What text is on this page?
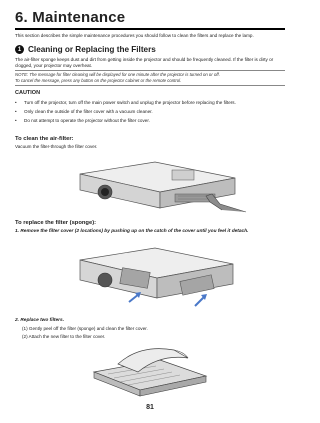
6. Maintenance
This section describes the simple maintenance procedures you should follow to clean the filters and replace the lamp.
1 Cleaning or Replacing the Filters
The air-filter sponge keeps dust and dirt from getting inside the projector and should be frequently cleaned. If the filter is dirty or clogged, your projector may overheat.
NOTE: The message for filter cleaning will be displayed for one minute after the projector is turned on or off.
To cancel the message, press any button on the projector cabinet or the remote control.
CAUTION
• Turn off the projector, turn off the main power switch and unplug the projector before replacing the filters.
• Only clean the outside of the filter cover with a vacuum cleaner.
• Do not attempt to operate the projector without the filter cover.
To clean the air-filter:
Vacuum the filter-through the filter cover.
To replace the filter (sponge):
1. Remove the filter cover (2 locations) by pushing up on the catch of the cover until you feel it detach.
2. Replace two filters.
(1) Gently peel off the filter (sponge) and clean the filter cover.
(2) Attach the new filter to the filter cover.
81
